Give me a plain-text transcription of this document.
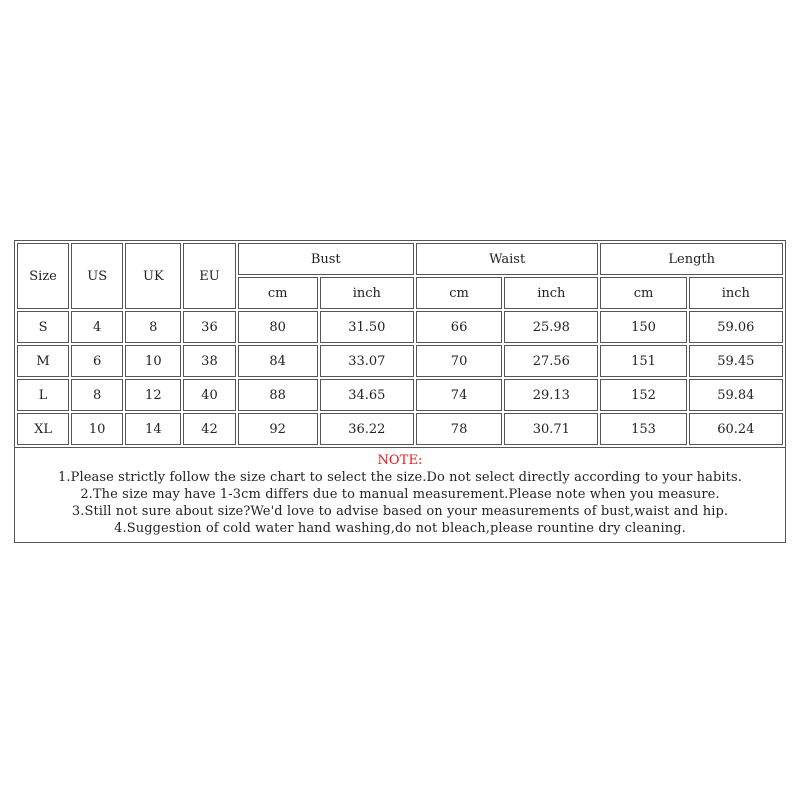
Size	US	UK	EU	Bust		Waist		Length	
				cm	inch	cm	inch	cm	inch
S	4	8	36	80	31.50	66	25.98	150	59.06
M	6	10	38	84	33.07	70	27.56	151	59.45
L	8	12	40	88	34.65	74	29.13	152	59.84
XL	10	14	42	92	36.22	78	30.71	153	60.24
NOTE:
1.Please strictly follow the size chart to select the size.Do not select directly according to your habits.
2.The size may have 1-3cm differs due to manual measurement.Please note when you measure.
3.Still not sure about size?We'd love to advise based on your measurements of bust,waist and hip.
4.Suggestion of cold water hand washing,do not bleach,please rountine dry cleaning.
